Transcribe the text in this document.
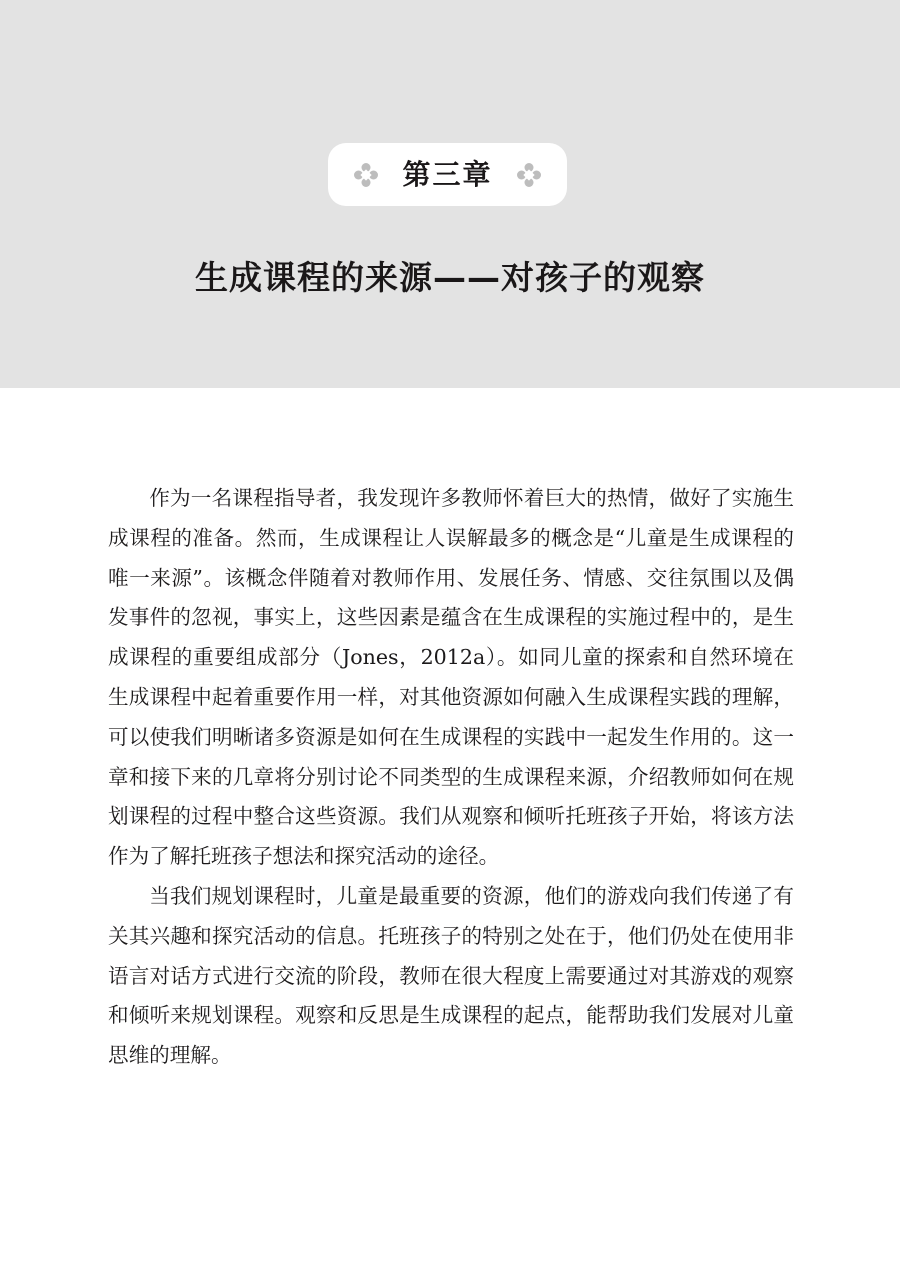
第三章
生成课程的来源——对孩子的观察

作为一名课程指导者，我发现许多教师怀着巨大的热情，做好了实施生成课程的准备。然而，生成课程让人误解最多的概念是“儿童是生成课程的唯一来源”。该概念伴随着对教师作用、发展任务、情感、交往氛围以及偶发事件的忽视，事实上，这些因素是蕴含在生成课程的实施过程中的，是生成课程的重要组成部分（Jones，2012a）。如同儿童的探索和自然环境在生成课程中起着重要作用一样，对其他资源如何融入生成课程实践的理解，可以使我们明晰诸多资源是如何在生成课程的实践中一起发生作用的。这一章和接下来的几章将分别讨论不同类型的生成课程来源，介绍教师如何在规划课程的过程中整合这些资源。我们从观察和倾听托班孩子开始，将该方法作为了解托班孩子想法和探究活动的途径。

当我们规划课程时，儿童是最重要的资源，他们的游戏向我们传递了有关其兴趣和探究活动的信息。托班孩子的特别之处在于，他们仍处在使用非语言对话方式进行交流的阶段，教师在很大程度上需要通过对其游戏的观察和倾听来规划课程。观察和反思是生成课程的起点，能帮助我们发展对儿童思维的理解。
